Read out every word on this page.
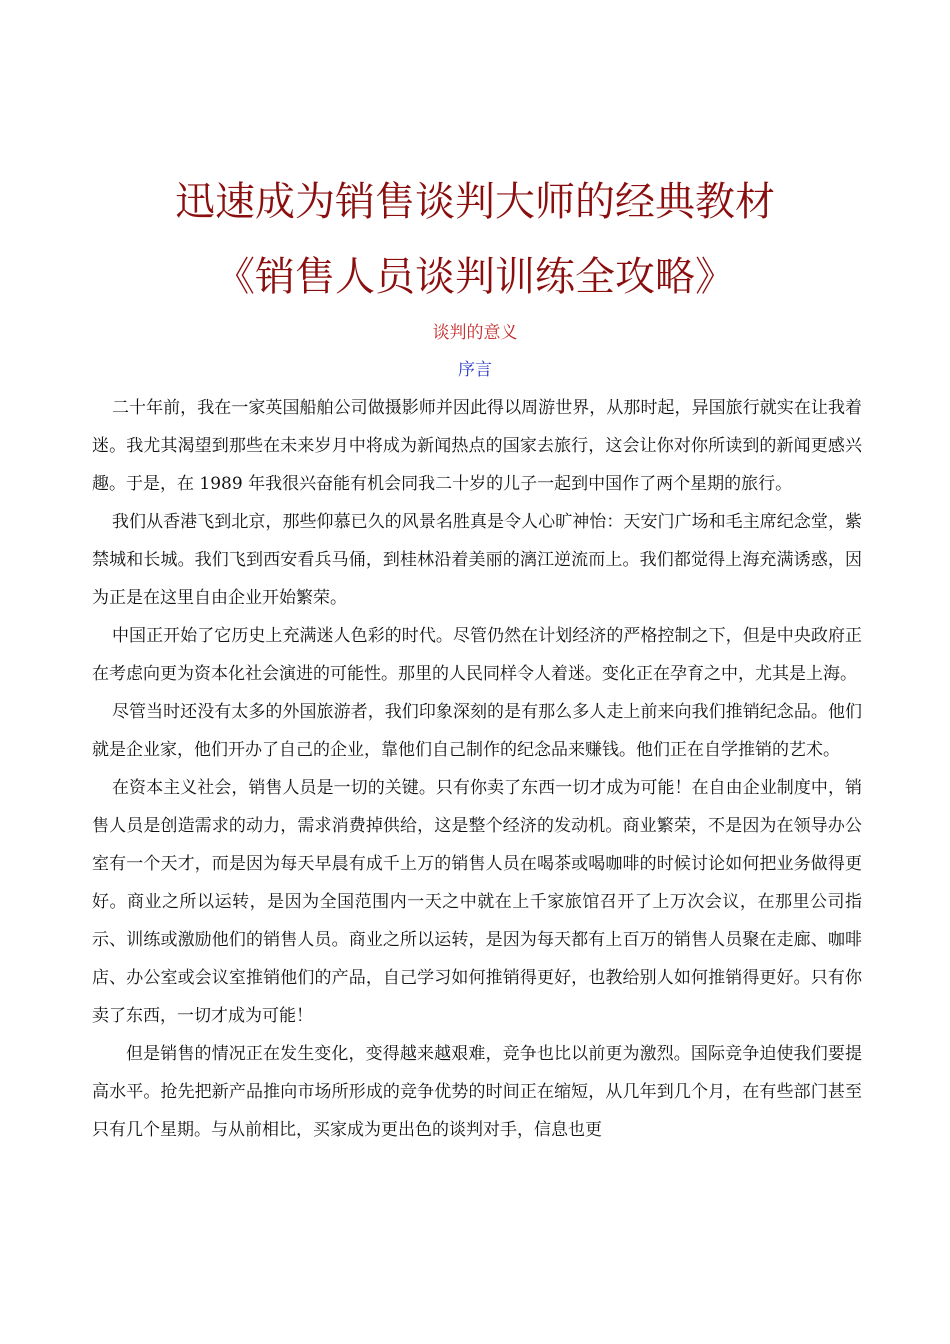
迅速成为销售谈判大师的经典教材
《销售人员谈判训练全攻略》
谈判的意义
序言

二十年前，我在一家英国船舶公司做摄影师并因此得以周游世界，从那时起，异国旅行就实在让我着迷。我尤其渴望到那些在未来岁月中将成为新闻热点的国家去旅行，这会让你对你所读到的新闻更感兴趣。于是，在 1989 年我很兴奋能有机会同我二十岁的儿子一起到中国作了两个星期的旅行。

我们从香港飞到北京，那些仰慕已久的风景名胜真是令人心旷神怡：天安门广场和毛主席纪念堂，紫禁城和长城。我们飞到西安看兵马俑，到桂林沿着美丽的漓江逆流而上。我们都觉得上海充满诱惑，因为正是在这里自由企业开始繁荣。

中国正开始了它历史上充满迷人色彩的时代。尽管仍然在计划经济的严格控制之下，但是中央政府正在考虑向更为资本化社会演进的可能性。那里的人民同样令人着迷。变化正在孕育之中，尤其是上海。

尽管当时还没有太多的外国旅游者，我们印象深刻的是有那么多人走上前来向我们推销纪念品。他们就是企业家，他们开办了自己的企业，靠他们自己制作的纪念品来赚钱。他们正在自学推销的艺术。

在资本主义社会，销售人员是一切的关键。只有你卖了东西一切才成为可能！在自由企业制度中，销售人员是创造需求的动力，需求消费掉供给，这是整个经济的发动机。商业繁荣，不是因为在领导办公室有一个天才，而是因为每天早晨有成千上万的销售人员在喝茶或喝咖啡的时候讨论如何把业务做得更好。商业之所以运转，是因为全国范围内一天之中就在上千家旅馆召开了上万次会议，在那里公司指示、训练或激励他们的销售人员。商业之所以运转，是因为每天都有上百万的销售人员聚在走廊、咖啡店、办公室或会议室推销他们的产品，自己学习如何推销得更好，也教给别人如何推销得更好。只有你卖了东西，一切才成为可能！

但是销售的情况正在发生变化，变得越来越艰难，竞争也比以前更为激烈。国际竞争迫使我们要提高水平。抢先把新产品推向市场所形成的竞争优势的时间正在缩短，从几年到几个月，在有些部门甚至只有几个星期。与从前相比，买家成为更出色的谈判对手，信息也更
